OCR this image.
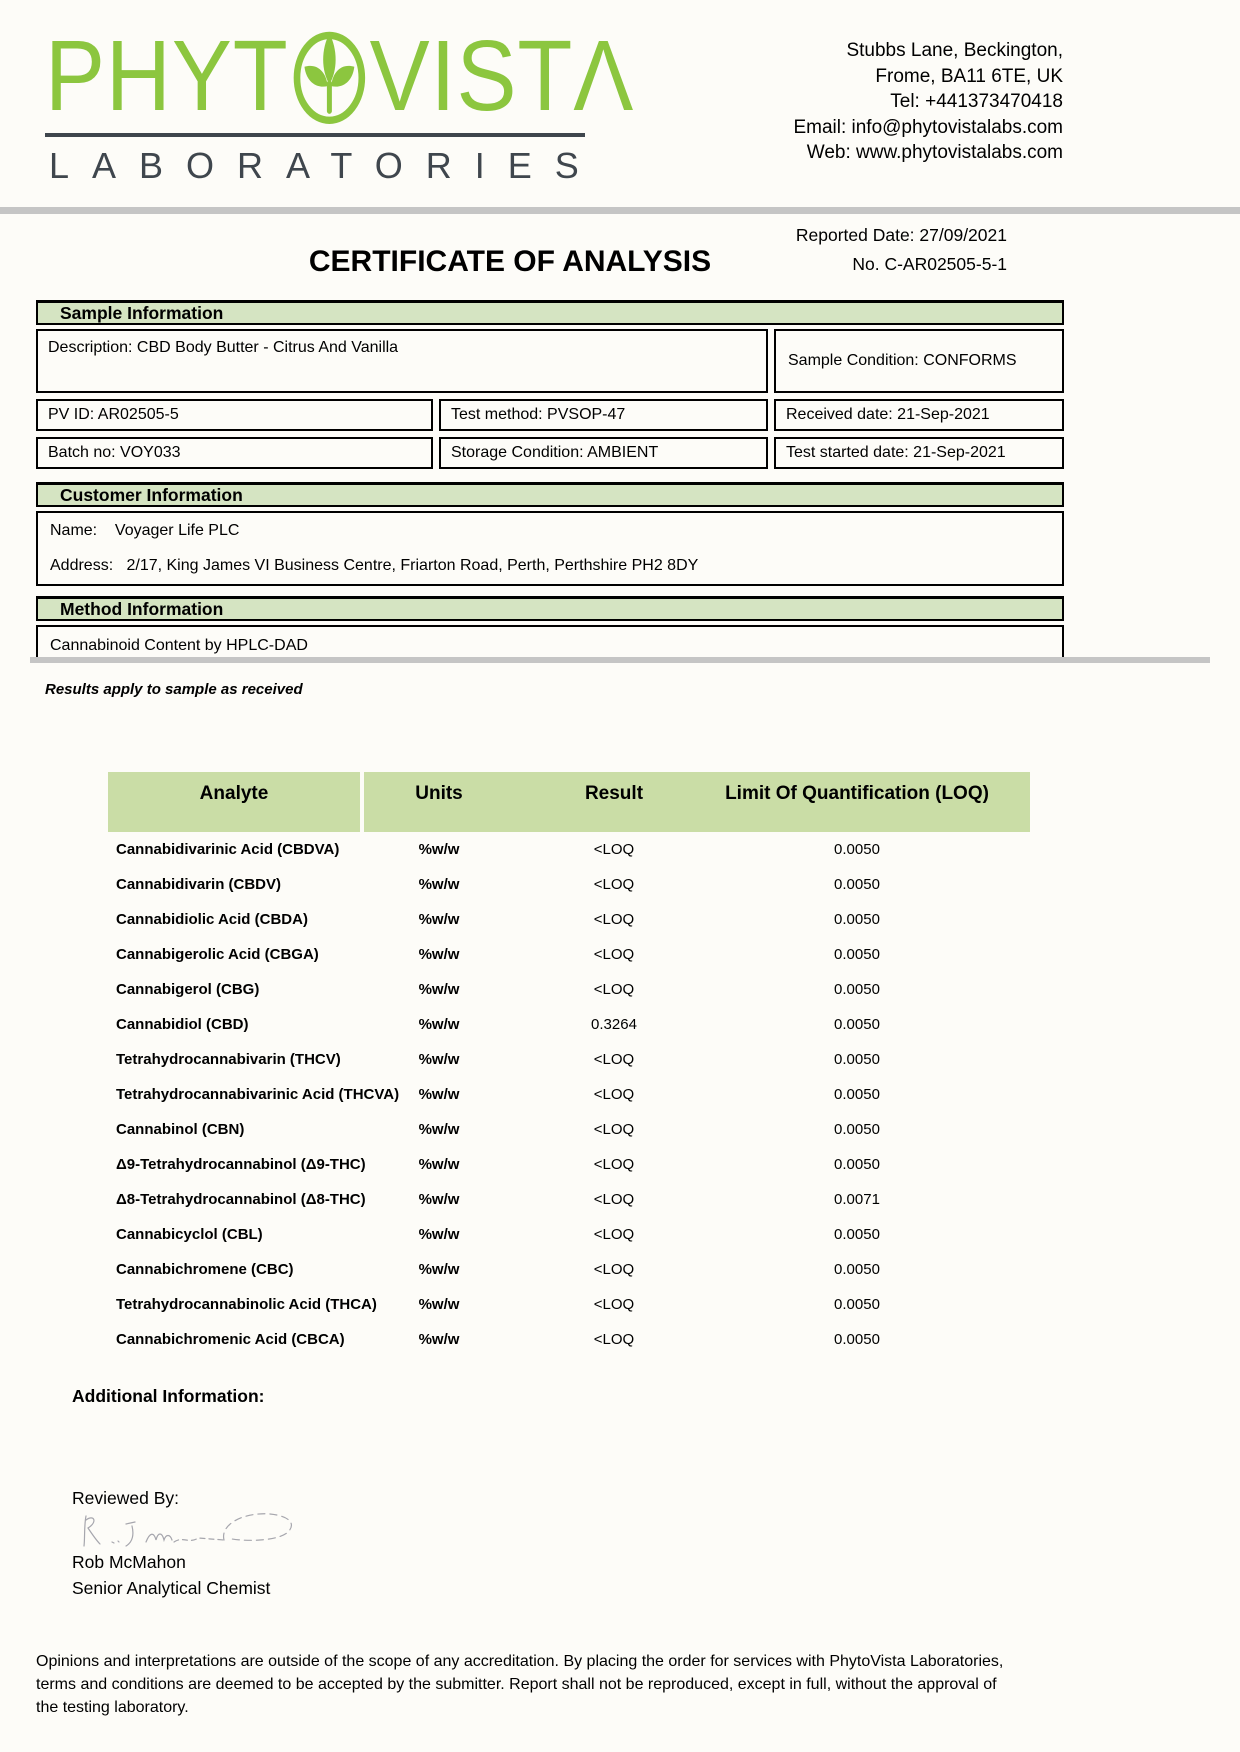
PHYT VISTΛ
LABORATORIES
Stubbs Lane, Beckington,
Frome, BA11 6TE, UK
Tel: +441373470418
Email: info@phytovistalabs.com
Web: www.phytovistalabs.com
Reported Date: 27/09/2021
No. C-AR02505-5-1
CERTIFICATE OF ANALYSIS
Sample Information
Description: CBD Body Butter - Citrus And Vanilla
Sample Condition: CONFORMS
PV ID: AR02505-5	Test method: PVSOP-47	Received date: 21-Sep-2021
Batch no: VOY033	Storage Condition: AMBIENT	Test started date: 21-Sep-2021
Customer Information
Name:    Voyager Life PLC
Address:   2/17, King James VI Business Centre, Friarton Road, Perth, Perthshire PH2 8DY
Method Information
Cannabinoid Content by HPLC-DAD
Results apply to sample as received
Analyte	Units	Result	Limit Of Quantification (LOQ)
Cannabidivarinic Acid (CBDVA)	%w/w	<LOQ	0.0050
Cannabidivarin (CBDV)	%w/w	<LOQ	0.0050
Cannabidiolic Acid (CBDA)	%w/w	<LOQ	0.0050
Cannabigerolic Acid (CBGA)	%w/w	<LOQ	0.0050
Cannabigerol (CBG)	%w/w	<LOQ	0.0050
Cannabidiol (CBD)	%w/w	0.3264	0.0050
Tetrahydrocannabivarin (THCV)	%w/w	<LOQ	0.0050
Tetrahydrocannabivarinic Acid (THCVA)	%w/w	<LOQ	0.0050
Cannabinol (CBN)	%w/w	<LOQ	0.0050
Δ9-Tetrahydrocannabinol (Δ9-THC)	%w/w	<LOQ	0.0050
Δ8-Tetrahydrocannabinol (Δ8-THC)	%w/w	<LOQ	0.0071
Cannabicyclol (CBL)	%w/w	<LOQ	0.0050
Cannabichromene (CBC)	%w/w	<LOQ	0.0050
Tetrahydrocannabinolic Acid (THCA)	%w/w	<LOQ	0.0050
Cannabichromenic Acid (CBCA)	%w/w	<LOQ	0.0050
Additional Information:
Reviewed By:
Rob McMahon
Senior Analytical Chemist
Opinions and interpretations are outside of the scope of any accreditation. By placing the order for services with PhytoVista Laboratories,
terms and conditions are deemed to be accepted by the submitter. Report shall not be reproduced, except in full, without the approval of
the testing laboratory.
